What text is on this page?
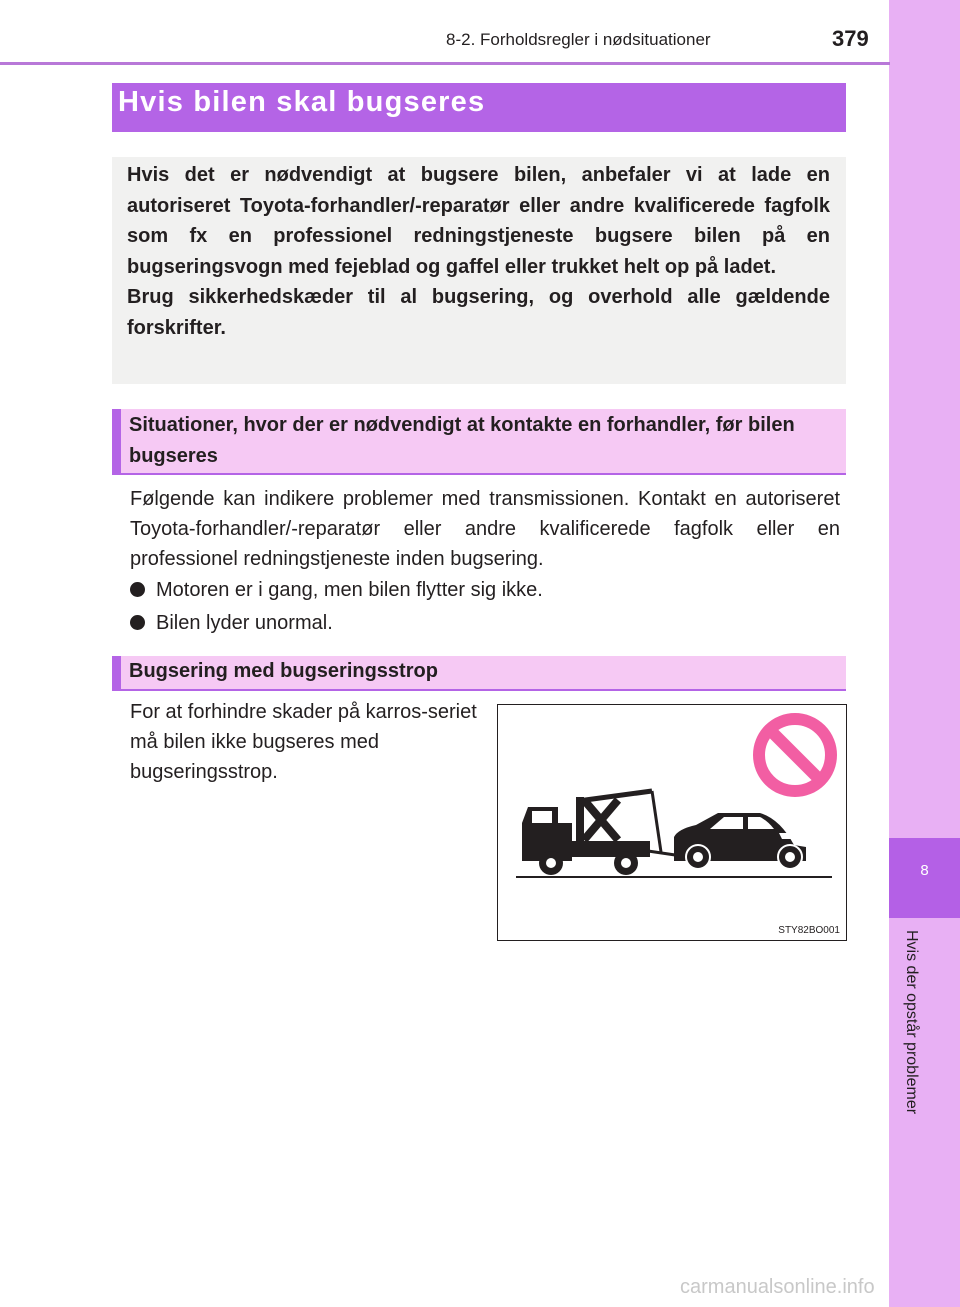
8
Hvis der opstår problemer
8-2. Forholdsregler i nødsituationer	379
Hvis bilen skal bugseres
Hvis det er nødvendigt at bugsere bilen, anbefaler vi at lade en autoriseret Toyota-forhandler/-reparatør eller andre kvalificerede fagfolk som fx en professionel redningstjeneste bugsere bilen på en bugseringsvogn med fejeblad og gaffel eller trukket helt op på ladet.
Brug sikkerhedskæder til al bugsering, og overhold alle gældende forskrifter.
Situationer, hvor der er nødvendigt at kontakte en forhandler, før bilen bugseres

Følgende kan indikere problemer med transmissionen. Kontakt en autoriseret Toyota-forhandler/-reparatør eller andre kvalificerede fagfolk eller en professionel redningstjeneste inden bugsering.

Motoren er i gang, men bilen flytter sig ikke.
Bilen lyder unormal.
Bugsering med bugseringsstrop

For at forhindre skader på karros-seriet må bilen ikke bugseres med bugseringsstrop.

STY82BO001
carmanualsonline.info
